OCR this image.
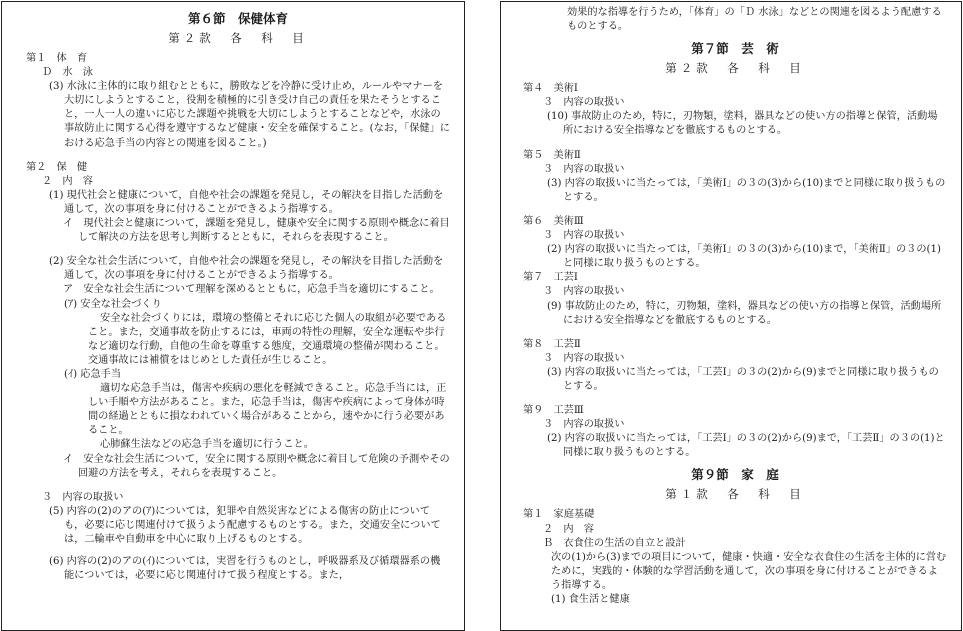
第６節　保健体育
第２款　各　科　目

第１　体　育

Ｄ　水　泳

(3) 水泳に主体的に取り組むとともに，勝敗などを冷静に受け止め，ルールやマナーを大切にしようとすること，役割を積極的に引き受け自己の責任を果たそうとすること，一人一人の違いに応じた課題や挑戦を大切にしようとすることなどや，水泳の事故防止に関する心得を遵守するなど健康・安全を確保すること。(なお，「保健」における応急手当の内容との関連を図ること。)

第２　保　健

２　内　容

(1) 現代社会と健康について，自他や社会の課題を発見し，その解決を目指した活動を通して，次の事項を身に付けることができるよう指導する。

イ　現代社会と健康について，課題を発見し，健康や安全に関する原則や概念に着目して解決の方法を思考し判断するとともに，それらを表現すること。

(2) 安全な社会生活について，自他や社会の課題を発見し，その解決を目指した活動を通して，次の事項を身に付けることができるよう指導する。

ア　安全な社会生活について理解を深めるとともに，応急手当を適切にすること。

(ｱ) 安全な社会づくり

安全な社会づくりには，環境の整備とそれに応じた個人の取組が必要であること。また，交通事故を防止するには，車両の特性の理解，安全な運転や歩行など適切な行動，自他の生命を尊重する態度，交通環境の整備が関わること。交通事故には補償をはじめとした責任が生じること。

(ｲ) 応急手当

適切な応急手当は，傷害や疾病の悪化を軽減できること。応急手当には，正しい手順や方法があること。また，応急手当は，傷害や疾病によって身体が時間の経過とともに損なわれていく場合があることから，速やかに行う必要があること。

心肺蘇生法などの応急手当を適切に行うこと。

イ　安全な社会生活について，安全に関する原則や概念に着目して危険の予測やその回避の方法を考え，それらを表現すること。

３　内容の取扱い

(5) 内容の(2)のアの(ｱ)については，犯罪や自然災害などによる傷害の防止についても，必要に応じ関連付けて扱うよう配慮するものとする。また，交通安全については，二輪車や自動車を中心に取り上げるものとする。

(6) 内容の(2)のアの(ｲ)については，実習を行うものとし，呼吸器系及び循環器系の機能については，必要に応じ関連付けて扱う程度とする。また，

効果的な指導を行うため，「体育」の「Ｄ 水泳」などとの関連を図るよう配慮するものとする。

第７節　芸　術
第２款　各　科　目

第４　美術Ⅰ

３　内容の取扱い

(10) 事故防止のため，特に，刃物類，塗料，器具などの使い方の指導と保管，活動場所における安全指導などを徹底するものとする。

第５　美術Ⅱ

３　内容の取扱い

(3) 内容の取扱いに当たっては，「美術Ⅰ」の３の(3)から(10)までと同様に取り扱うものとする。

第６　美術Ⅲ

３　内容の取扱い

(2) 内容の取扱いに当たっては，「美術Ⅰ」の３の(3)から(10)まで，「美術Ⅱ」の３の(1)と同様に取り扱うものとする。

第７　工芸Ⅰ

３　内容の取扱い

(9) 事故防止のため，特に，刃物類，塗料，器具などの使い方の指導と保管，活動場所における安全指導などを徹底するものとする。

第８　工芸Ⅱ

３　内容の取扱い

(3) 内容の取扱いに当たっては，「工芸Ⅰ」の３の(2)から(9)までと同様に取り扱うものとする。

第９　工芸Ⅲ

３　内容の取扱い

(2) 内容の取扱いに当たっては，「工芸Ⅰ」の３の(2)から(9)まで，「工芸Ⅱ」の３の(1)と同様に取り扱うものとする。

第９節　家　庭
第１款　各　科　目

第１　家庭基礎

２　内　容

Ｂ　衣食住の生活の自立と設計

次の(1)から(3)までの項目について，健康・快適・安全な衣食住の生活を主体的に営むために，実践的・体験的な学習活動を通して，次の事項を身に付けることができるよう指導する。

(1) 食生活と健康
